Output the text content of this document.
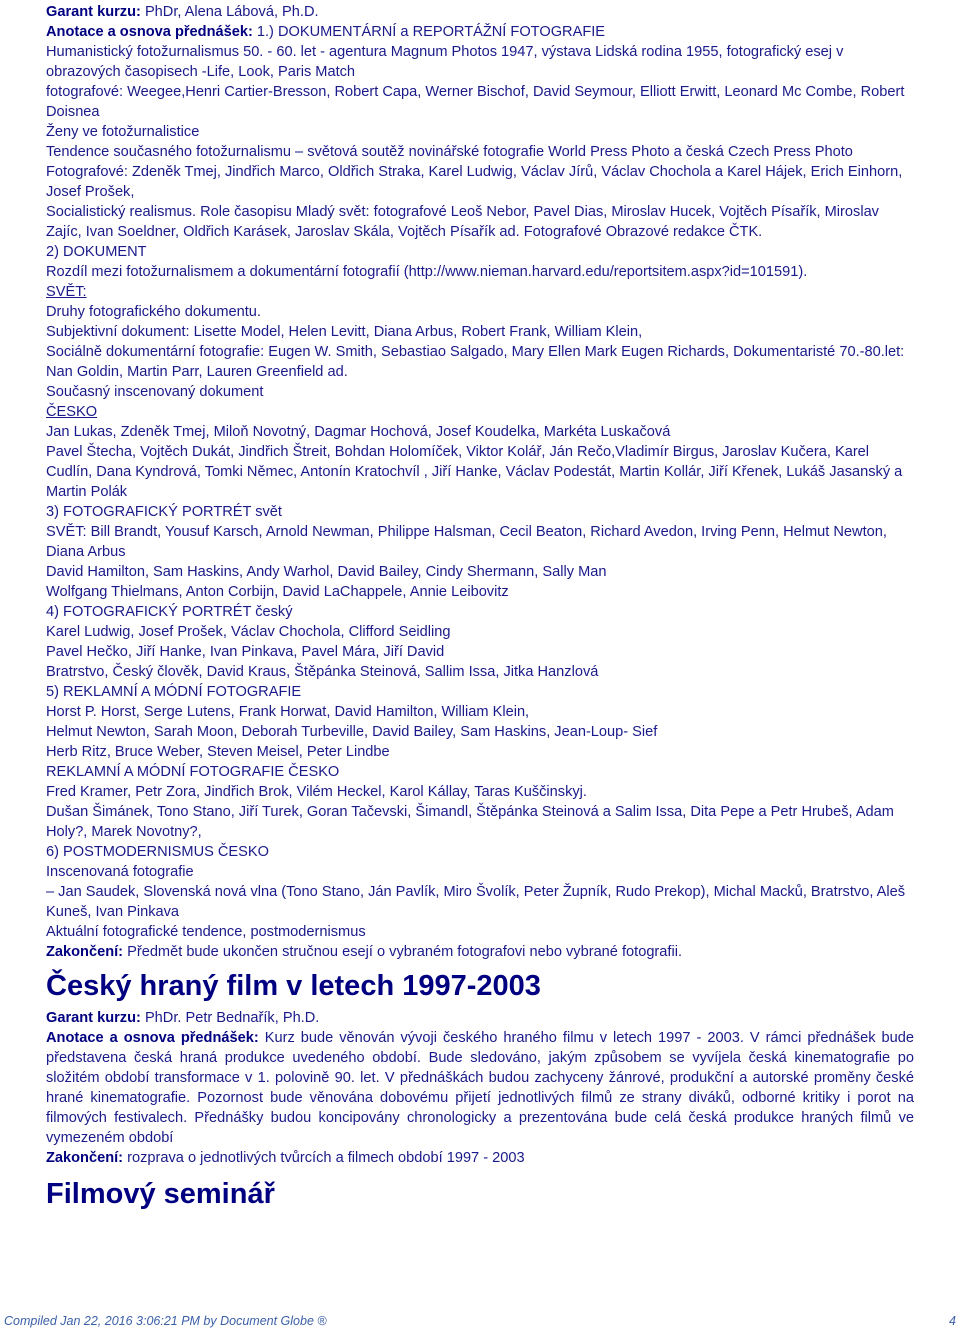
Garant kurzu: PhDr, Alena Lábová, Ph.D.

Anotace a osnova přednášek: 1.) DOKUMENTÁRNÍ a REPORTÁŽNÍ FOTOGRAFIE

Humanistický fotožurnalismus 50. - 60. let - agentura Magnum Photos 1947, výstava Lidská rodina 1955, fotografický esej v obrazových časopisech -Life, Look, Paris Match

fotografové: Weegee,Henri Cartier-Bresson, Robert Capa, Werner Bischof, David Seymour, Elliott Erwitt, Leonard Mc Combe, Robert Doisnea

Ženy ve fotožurnalistice

Tendence současného fotožurnalismu – světová soutěž novinářské fotografie World Press Photo a česká Czech Press Photo

Fotografové: Zdeněk Tmej, Jindřich Marco, Oldřich Straka, Karel Ludwig, Václav Jírů, Václav Chochola a Karel Hájek, Erich Einhorn, Josef Prošek,

Socialistický realismus. Role časopisu Mladý svět: fotografové Leoš Nebor, Pavel Dias, Miroslav Hucek, Vojtěch Písařík, Miroslav Zajíc, Ivan Soeldner, Oldřich Karásek, Jaroslav Skála, Vojtěch Písařík ad. Fotografové Obrazové redakce ČTK.

2) DOKUMENT

Rozdíl mezi fotožurnalismem a dokumentární fotografií (http://www.nieman.harvard.edu/reportsitem.aspx?id=101591).

SVĚT:

Druhy fotografického dokumentu.

Subjektivní dokument: Lisette Model, Helen Levitt, Diana Arbus, Robert Frank, William Klein,

Sociálně dokumentární fotografie: Eugen W. Smith, Sebastiao Salgado, Mary Ellen Mark Eugen Richards, Dokumentaristé 70.-80.let: Nan Goldin, Martin Parr, Lauren Greenfield ad.

Současný inscenovaný dokument

ČESKO

Jan Lukas, Zdeněk Tmej, Miloň Novotný, Dagmar Hochová, Josef Koudelka, Markéta Luskačová

Pavel Štecha, Vojtěch Dukát, Jindřich Štreit, Bohdan Holomíček, Viktor Kolář, Ján Rečo,Vladimír Birgus, Jaroslav Kučera, Karel Cudlín, Dana Kyndrová, Tomki Němec, Antonín Kratochvíl , Jiří Hanke, Václav Podestát, Martin Kollár, Jiří Křenek, Lukáš Jasanský a Martin Polák

3) FOTOGRAFICKÝ PORTRÉT svět

SVĚT: Bill Brandt, Yousuf Karsch, Arnold Newman, Philippe Halsman, Cecil Beaton, Richard Avedon, Irving Penn, Helmut Newton, Diana Arbus

David Hamilton, Sam Haskins, Andy Warhol, David Bailey, Cindy Shermann, Sally Man

Wolfgang Thielmans, Anton Corbijn, David LaChappele, Annie Leibovitz

4) FOTOGRAFICKÝ PORTRÉT český

Karel Ludwig, Josef Prošek, Václav Chochola, Clifford Seidling

Pavel Hečko, Jiří Hanke, Ivan Pinkava, Pavel Mára, Jiří David

Bratrstvo, Český člověk, David Kraus, Štěpánka Steinová, Sallim Issa, Jitka Hanzlová

5) REKLAMNÍ A MÓDNÍ FOTOGRAFIE

Horst P. Horst, Serge Lutens, Frank Horwat, David Hamilton, William Klein,

Helmut Newton, Sarah Moon, Deborah Turbeville, David Bailey, Sam Haskins, Jean-Loup- Sief

Herb Ritz, Bruce Weber, Steven Meisel, Peter Lindbe

REKLAMNÍ A MÓDNÍ FOTOGRAFIE ČESKO

Fred Kramer, Petr Zora, Jindřich Brok, Vilém Heckel, Karol Kállay, Taras Kuščinskyj.

Dušan Šimánek, Tono Stano, Jiří Turek, Goran Tačevski, Šimandl, Štěpánka Steinová a Salim Issa, Dita Pepe a Petr Hrubeš, Adam Holy?, Marek Novotny?,

6) POSTMODERNISMUS ČESKO

Inscenovaná fotografie

– Jan Saudek, Slovenská nová vlna (Tono Stano, Ján Pavlík, Miro Švolík, Peter Župník, Rudo Prekop), Michal Macků, Bratrstvo, Aleš Kuneš, Ivan Pinkava

Aktuální fotografické tendence, postmodernismus

Zakončení: Předmět bude ukončen stručnou esejí o vybraném fotografovi nebo vybrané fotografii.

Český hraný film v letech 1997-2003

Garant kurzu: PhDr. Petr Bednařík, Ph.D.

Anotace a osnova přednášek: Kurz bude věnován vývoji českého hraného filmu v letech 1997 - 2003. V rámci přednášek bude představena česká hraná produkce uvedeného období. Bude sledováno, jakým způsobem se vyvíjela česká kinematografie po složitém období transformace v 1. polovině 90. let. V přednáškách budou zachyceny žánrové, produkční a autorské proměny české hrané kinematografie. Pozornost bude věnována dobovému přijetí jednotlivých filmů ze strany diváků, odborné kritiky i porot na filmových festivalech. Přednášky budou koncipovány chronologicky a prezentována bude celá česká produkce hraných filmů ve vymezeném období

Zakončení: rozprava o jednotlivých tvůrcích a filmech období 1997 - 2003

Filmový seminář
Compiled Jan 22, 2016 3:06:21 PM by Document Globe ®	4
